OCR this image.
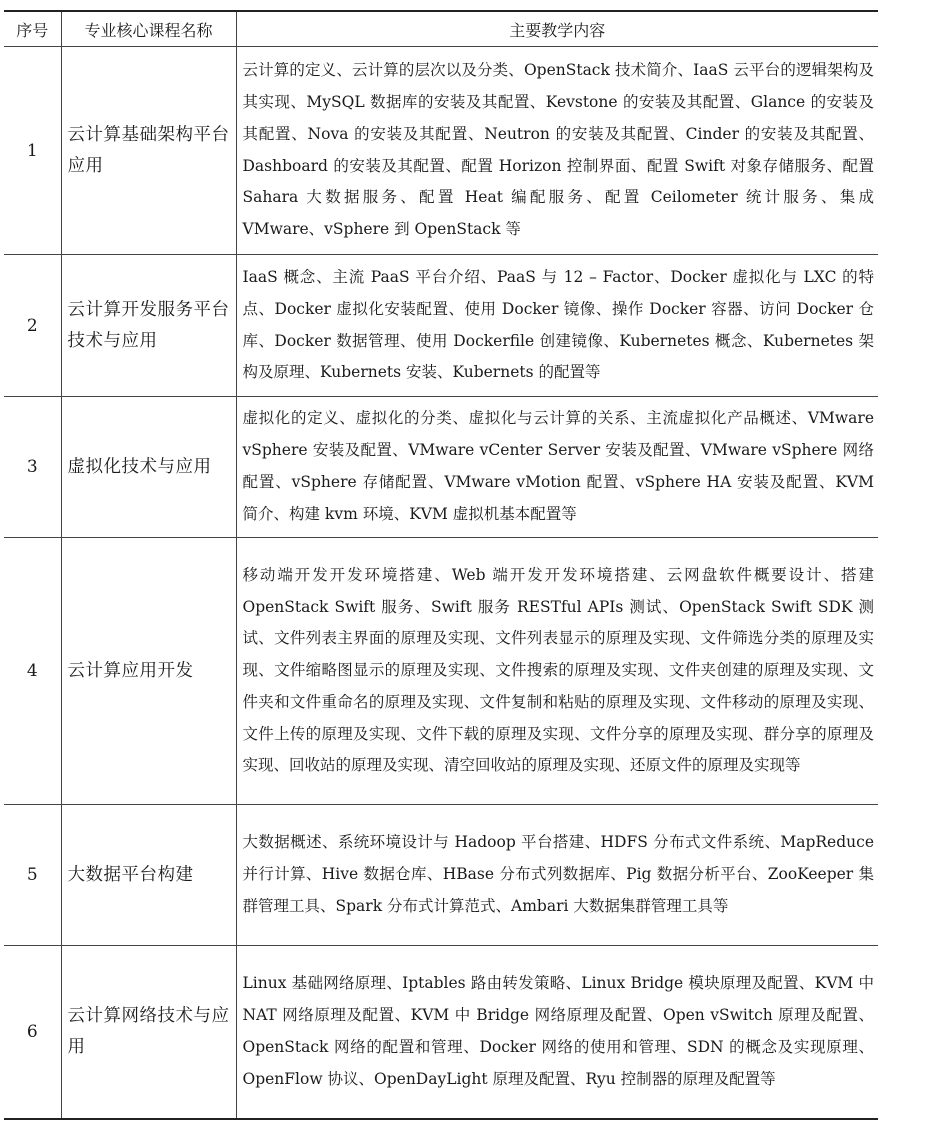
序号	专业核心课程名称	主要教学内容
1	云计算基础架构平台应用	云计算的定义、云计算的层次以及分类、OpenStack 技术简介、IaaS 云平台的逻辑架构及其实现、MySQL 数据库的安装及其配置、Kevstone 的安装及其配置、Glance 的安装及其配置、Nova 的安装及其配置、Neutron 的安装及其配置、Cinder 的安装及其配置、Dashboard 的安装及其配置、配置 Horizon 控制界面、配置 Swift 对象存储服务、配置 Sahara 大数据服务、配置 Heat 编配服务、配置 Ceilometer 统计服务、集成 VMware、vSphere 到 OpenStack 等
2	云计算开发服务平台技术与应用	IaaS 概念、主流 PaaS 平台介绍、PaaS 与 12 – Factor、Docker 虚拟化与 LXC 的特点、Docker 虚拟化安装配置、使用 Docker 镜像、操作 Docker 容器、访问 Docker 仓库、Docker 数据管理、使用 Dockerfile 创建镜像、Kubernetes 概念、Kubernetes 架构及原理、Kubernets 安装、Kubernets 的配置等
3	虚拟化技术与应用	虚拟化的定义、虚拟化的分类、虚拟化与云计算的关系、主流虚拟化产品概述、VMware vSphere 安装及配置、VMware vCenter Server 安装及配置、VMware vSphere 网络配置、vSphere 存储配置、VMware vMotion 配置、vSphere HA 安装及配置、KVM 简介、构建 kvm 环境、KVM 虚拟机基本配置等
4	云计算应用开发	移动端开发开发环境搭建、Web 端开发开发环境搭建、云网盘软件概要设计、搭建 OpenStack Swift 服务、Swift 服务 RESTful APIs 测试、OpenStack Swift SDK 测试、文件列表主界面的原理及实现、文件列表显示的原理及实现、文件筛选分类的原理及实现、文件缩略图显示的原理及实现、文件搜索的原理及实现、文件夹创建的原理及实现、文件夹和文件重命名的原理及实现、文件复制和粘贴的原理及实现、文件移动的原理及实现、文件上传的原理及实现、文件下载的原理及实现、文件分享的原理及实现、群分享的原理及实现、回收站的原理及实现、清空回收站的原理及实现、还原文件的原理及实现等
5	大数据平台构建	大数据概述、系统环境设计与 Hadoop 平台搭建、HDFS 分布式文件系统、MapReduce 并行计算、Hive 数据仓库、HBase 分布式列数据库、Pig 数据分析平台、ZooKeeper 集群管理工具、Spark 分布式计算范式、Ambari 大数据集群管理工具等
6	云计算网络技术与应用	Linux 基础网络原理、Iptables 路由转发策略、Linux Bridge 模块原理及配置、KVM 中 NAT 网络原理及配置、KVM 中 Bridge 网络原理及配置、Open vSwitch 原理及配置、OpenStack 网络的配置和管理、Docker 网络的使用和管理、SDN 的概念及实现原理、OpenFlow 协议、OpenDayLight 原理及配置、Ryu 控制器的原理及配置等
